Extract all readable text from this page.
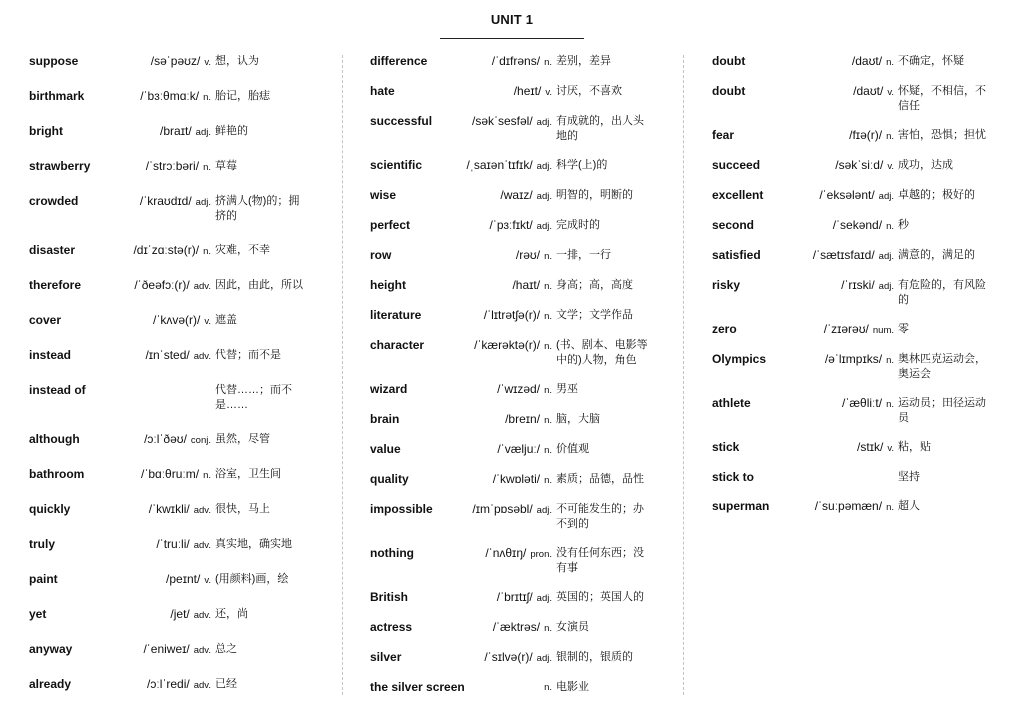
UNIT 1
suppose	/səˈpəʊz/ v. 想，认为
birthmark	/ˈbɜːθmɑːk/ n. 胎记，胎痣
bright	/braɪt/ adj. 鲜艳的
strawberry	/ˈstrɔːbəri/ n. 草莓
crowded	/ˈkraʊdɪd/ adj. 挤满人(物)的；拥挤的
disaster	/dɪˈzɑːstə(r)/ n. 灾难，不幸
therefore	/ˈðeəfɔː(r)/ adv. 因此，由此，所以
cover	/ˈkʌvə(r)/ v. 遮盖
instead	/ɪnˈsted/ adv. 代替；而不是
instead of	代替……；而不是……
although	/ɔːlˈðəʊ/ conj. 虽然，尽管
bathroom	/ˈbɑːθruːm/ n. 浴室，卫生间
quickly	/ˈkwɪkli/ adv. 很快，马上
truly	/ˈtruːli/ adv. 真实地，确实地
paint	/peɪnt/ v. (用颜料)画，绘
yet	/jet/ adv. 还，尚
anyway	/ˈeniweɪ/ adv. 总之
already	/ɔːlˈredi/ adv. 已经
difference	/ˈdɪfrəns/ n. 差别，差异
hate	/heɪt/ v. 讨厌，不喜欢
successful	/səkˈsesfəl/ adj. 有成就的，出人头地的
scientific	/ˌsaɪənˈtɪfɪk/ adj. 科学(上)的
wise	/waɪz/ adj. 明智的，明断的
perfect	/ˈpɜːfɪkt/ adj. 完成时的
row	/rəʊ/ n. 一排，一行
height	/haɪt/ n. 身高；高，高度
literature	/ˈlɪtrətʃə(r)/ n. 文学；文学作品
character	/ˈkærəktə(r)/ n. (书、剧本、电影等中的)人物，角色
wizard	/ˈwɪzəd/ n. 男巫
brain	/breɪn/ n. 脑，大脑
value	/ˈvæljuː/ n. 价值观
quality	/ˈkwɒləti/ n. 素质；品德，品性
impossible	/ɪmˈpɒsəbl/ adj. 不可能发生的；办不到的
nothing	/ˈnʌθɪŋ/ pron. 没有任何东西；没有事
British	/ˈbrɪtɪʃ/ adj. 英国的；英国人的
actress	/ˈæktrəs/ n. 女演员
silver	/ˈsɪlvə(r)/ adj. 银制的，银质的
the silver screen	n. 电影业
doubt	/daʊt/ n. 不确定，怀疑
doubt	/daʊt/ v. 怀疑，不相信，不信任
fear	/fɪə(r)/ n. 害怕，恐惧；担忧
succeed	/səkˈsiːd/ v. 成功，达成
excellent	/ˈeksələnt/ adj. 卓越的；极好的
second	/ˈsekənd/ n. 秒
satisfied	/ˈsætɪsfaɪd/ adj. 满意的，满足的
risky	/ˈrɪski/ adj. 有危险的，有风险的
zero	/ˈzɪərəʊ/ num. 零
Olympics	/əˈlɪmpɪks/ n. 奥林匹克运动会，奥运会
athlete	/ˈæθliːt/ n. 运动员；田径运动员
stick	/stɪk/ v. 粘，贴
stick to	坚持
superman	/ˈsuːpəmæn/ n. 超人
